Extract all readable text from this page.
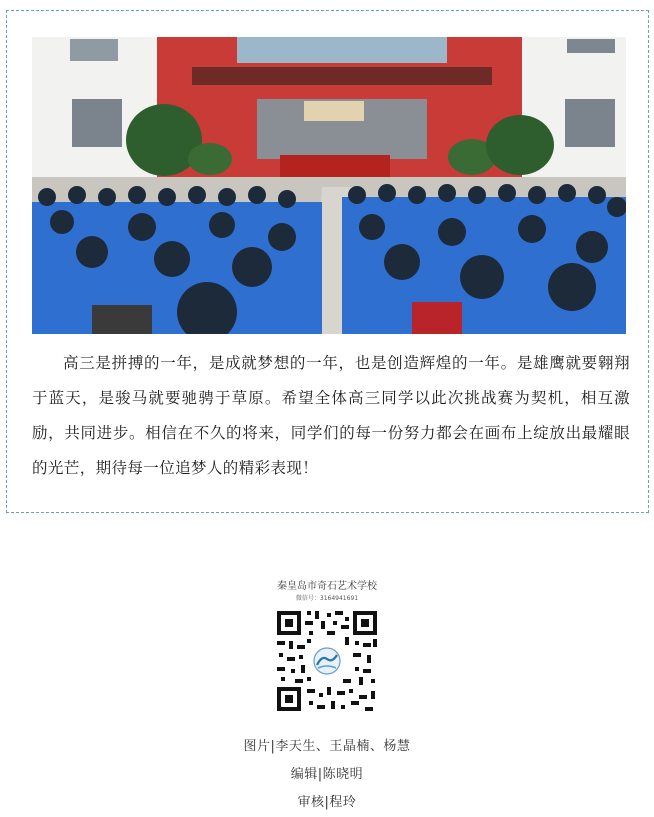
高三是拼搏的一年，是成就梦想的一年，也是创造辉煌的一年。是雄鹰就要翱翔于蓝天，是骏马就要驰骋于草原。希望全体高三同学以此次挑战赛为契机，相互激励，共同进步。相信在不久的将来，同学们的每一份努力都会在画布上绽放出最耀眼的光芒，期待每一位追梦人的精彩表现！

秦皇岛市奇石艺术学校
微信号：3164941691
图片|李天生、王晶楠、杨慧
编辑|陈晓明
审核|程玲
